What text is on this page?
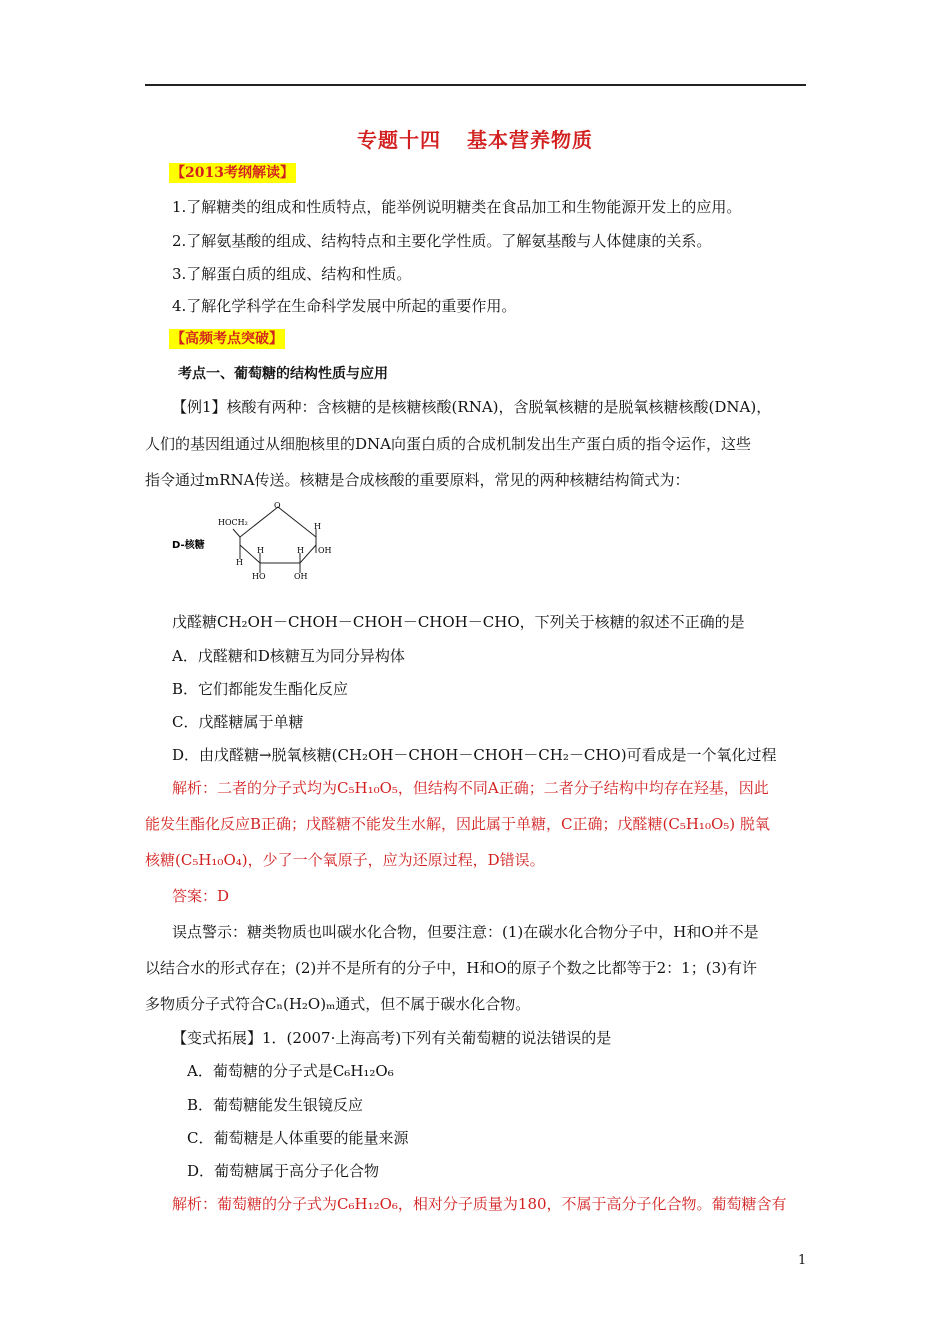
专题十四 基本营养物质
【2013考纲解读】
1.了解糖类的组成和性质特点，能举例说明糖类在食品加工和生物能源开发上的应用。
2.了解氨基酸的组成、结构特点和主要化学性质。了解氨基酸与人体健康的关系。
3.了解蛋白质的组成、结构和性质。
4.了解化学科学在生命科学发展中所起的重要作用。
【高频考点突破】
考点一、葡萄糖的结构性质与应用
【例1】核酸有两种：含核糖的是核糖核酸(RNA)，含脱氧核糖的是脱氧核糖核酸(DNA)，
人们的基因组通过从细胞核里的DNA向蛋白质的合成机制发出生产蛋白质的指令运作，这些
指令通过mRNA传送。核糖是合成核酸的重要原料，常见的两种核糖结构简式为：
D-核糖
O
HOCH₂	H
OH
H
H	H
HO	OH
戊醛糖CH₂OH－CHOH－CHOH－CHOH－CHO，下列关于核糖的叙述不正确的是
A．戊醛糖和D核糖互为同分异构体
B．它们都能发生酯化反应
C．戊醛糖属于单糖
D．由戊醛糖→脱氧核糖(CH₂OH－CHOH－CHOH－CH₂－CHO)可看成是一个氧化过程
解析：二者的分子式均为C₅H₁₀O₅，但结构不同A正确；二者分子结构中均存在羟基，因此
能发生酯化反应B正确；戊醛糖不能发生水解，因此属于单糖，C正确；戊醛糖(C₅H₁₀O₅) 脱氧
核糖(C₅H₁₀O₄)，少了一个氧原子，应为还原过程，D错误。
答案：D
误点警示：糖类物质也叫碳水化合物，但要注意：(1)在碳水化合物分子中，H和O并不是
以结合水的形式存在；(2)并不是所有的分子中，H和O的原子个数之比都等于2：1；(3)有许
多物质分子式符合Cₙ(H₂O)ₘ通式，但不属于碳水化合物。
【变式拓展】1．(2007·上海高考)下列有关葡萄糖的说法错误的是
A．葡萄糖的分子式是C₆H₁₂O₆
B．葡萄糖能发生银镜反应
C．葡萄糖是人体重要的能量来源
D．葡萄糖属于高分子化合物
解析：葡萄糖的分子式为C₆H₁₂O₆，相对分子质量为180，不属于高分子化合物。葡萄糖含有
1
